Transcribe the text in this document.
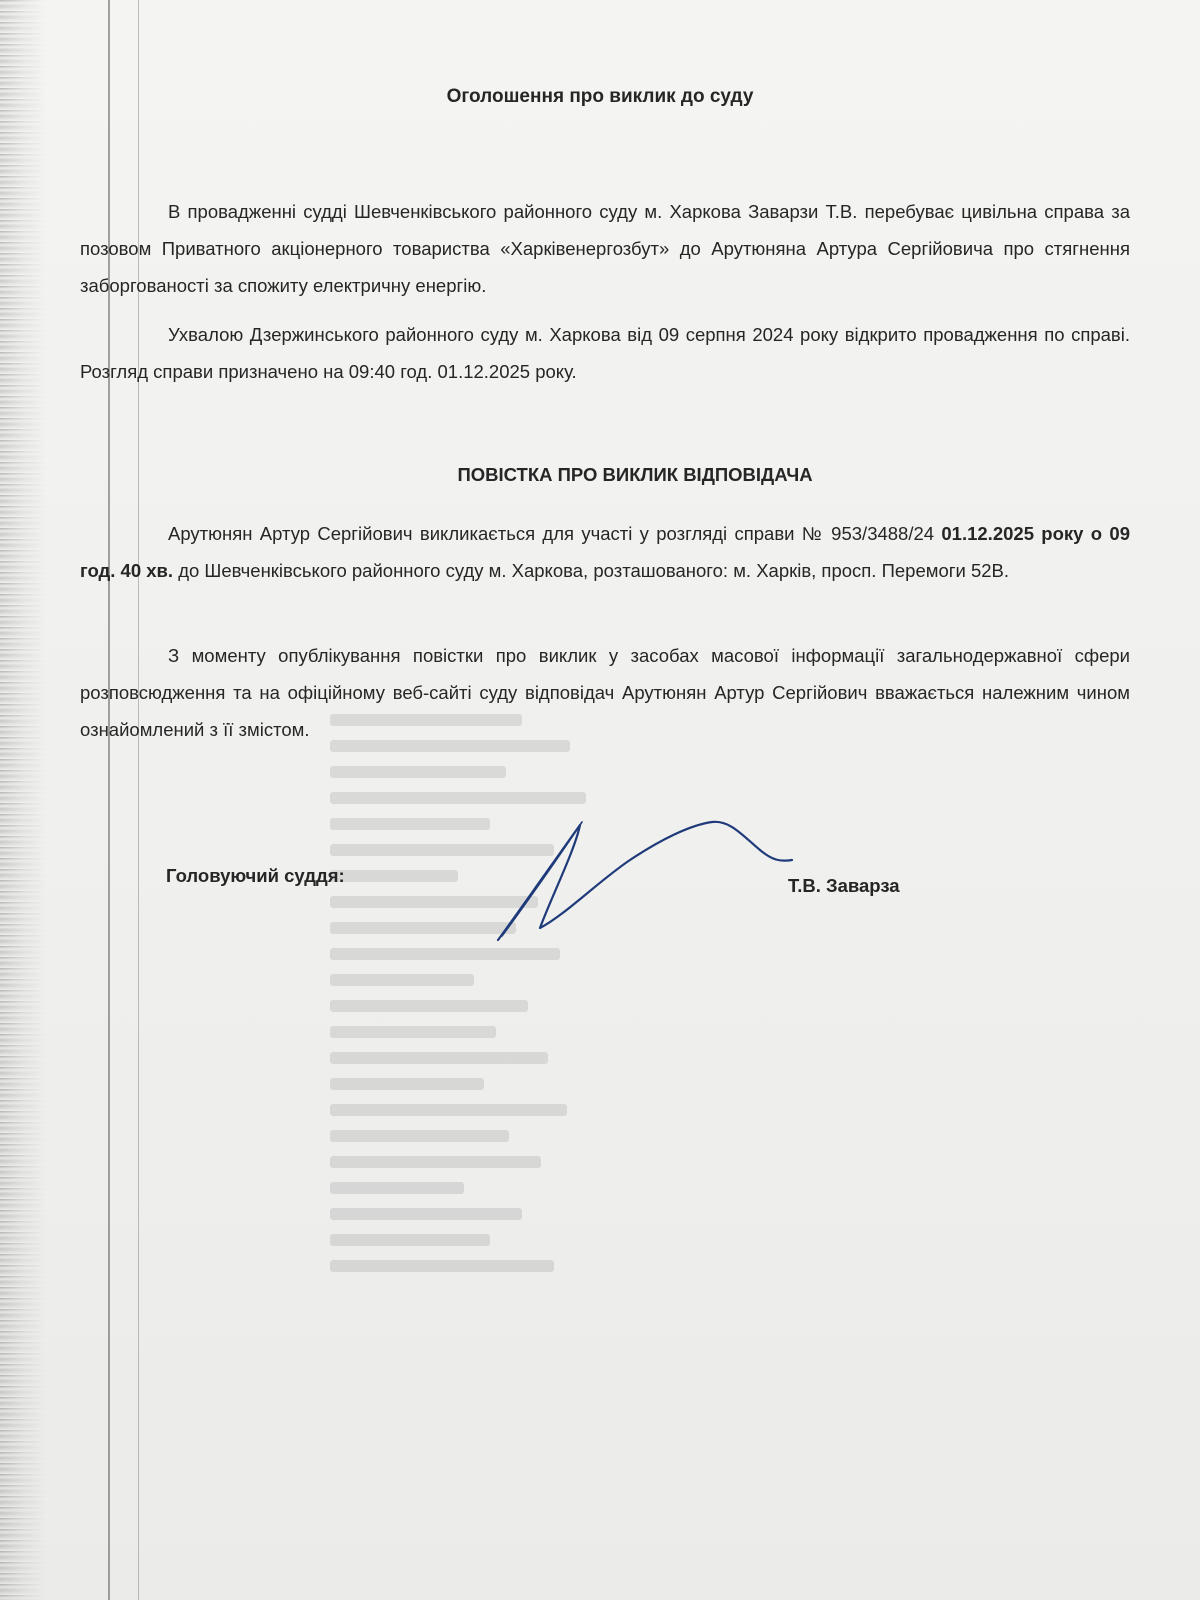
Оголошення про виклик до суду

В провадженні судді Шевченківського районного суду м. Харкова Заварзи Т.В. перебуває цивільна справа за позовом Приватного акціонерного товариства «Харківенергозбут» до Арутюняна Артура Сергійовича про стягнення заборгованості за спожиту електричну енергію.

Ухвалою Дзержинського районного суду м. Харкова від 09 серпня 2024 року відкрито провадження по справі. Розгляд справи призначено на 09:40 год. 01.12.2025 року.

ПОВІСТКА ПРО ВИКЛИК ВІДПОВІДАЧА

Арутюнян Артур Сергійович викликається для участі у розгляді справи № 953/3488/24 01.12.2025 року о 09 год. 40 хв. до Шевченківського районного суду м. Харкова, розташованого: м. Харків, просп. Перемоги 52В.

З моменту опублікування повістки про виклик у засобах масової інформації загальнодержавної сфери розповсюдження та на офіційному веб-сайті суду відповідач Арутюнян Артур Сергійович вважається належним чином ознайомлений з її змістом.

Головуючий суддя:	Т.В. Заварза
